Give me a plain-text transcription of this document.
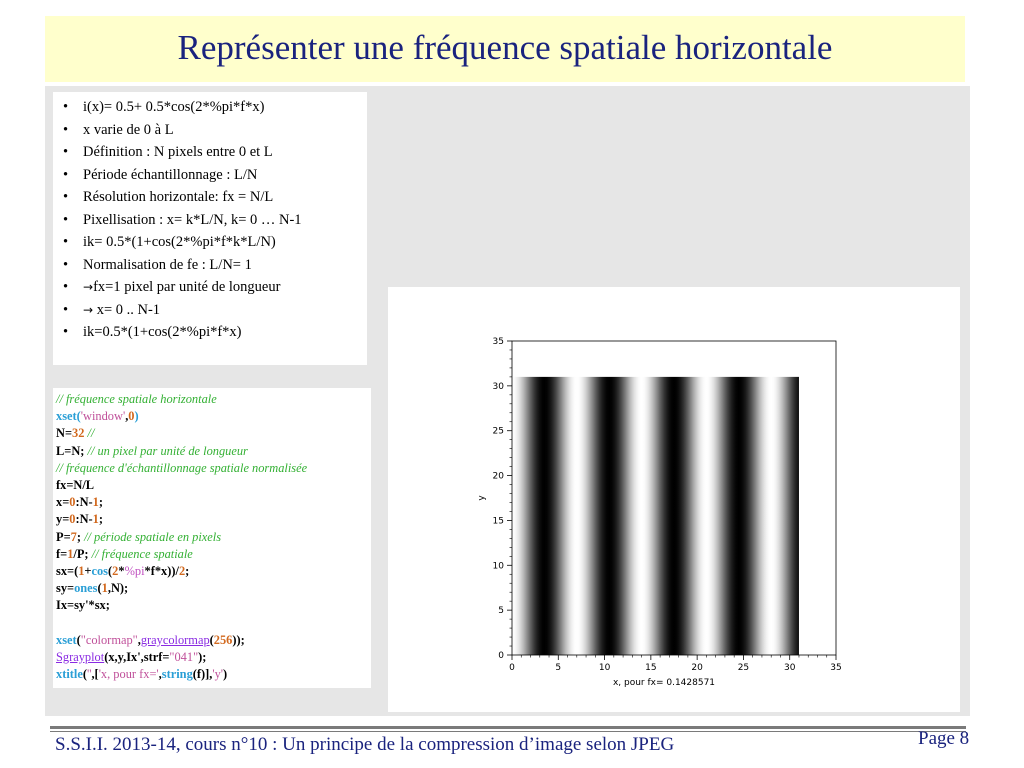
Représenter une fréquence spatiale horizontale
• i(x)= 0.5+ 0.5*cos(2*%pi*f*x)
• x varie de 0 à L
• Définition : N pixels entre 0 et L
• Période échantillonnage : L/N
• Résolution horizontale: fx = N/L
• Pixellisation : x= k*L/N, k= 0 … N-1
• ik= 0.5*(1+cos(2*%pi*f*k*L/N)
• Normalisation de fe : L/N= 1
• →fx=1 pixel par unité de longueur
• → x= 0 .. N-1
• ik=0.5*(1+cos(2*%pi*f*x)
// fréquence spatiale horizontale
xset('window',0)
N=32 //
L=N; // un pixel par unité de longueur
// fréquence d'échantillonnage spatiale normalisée
fx=N/L
x=0:N-1;
y=0:N-1;
P=7; // période spatiale en pixels
f=1/P; // fréquence spatiale
sx=(1+cos(2*%pi*f*x))/2;
sy=ones(1,N);
Ix=sy'*sx;
xset("colormap",graycolormap(256));
Sgrayplot(x,y,Ix',strf="041");
xtitle('',['x, pour fx=',string(f)],'y')	0	5	10	15	20	25	30	35
0
5
10
15
20
25
30
35
x, pour fx= 0.1428571
y
S.S.I.I. 2013-14, cours n°10 : Un principe de la compression d’image selon JPEG	Page 8
